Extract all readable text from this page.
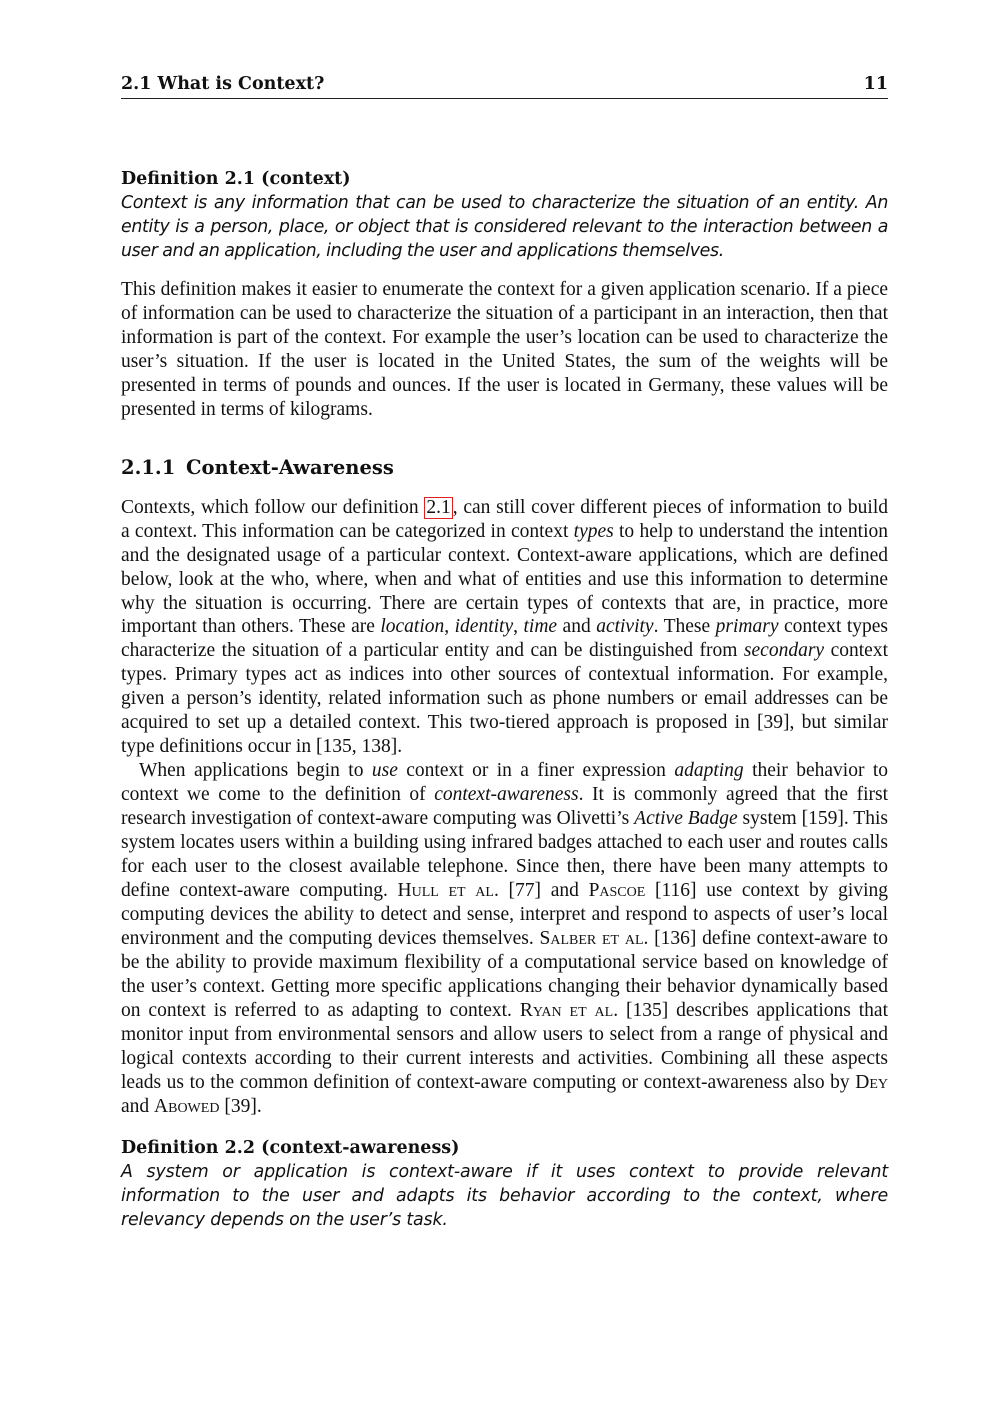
2.1 What is Context?	11
Definition 2.1 (context)
Context is any information that can be used to characterize the situation of an entity. An entity is a person, place, or object that is considered relevant to the interaction between a user and an application, including the user and applications themselves.

This definition makes it easier to enumerate the context for a given application scenario. If a piece of information can be used to characterize the situation of a participant in an interaction, then that information is part of the context. For example the user’s location can be used to characterize the user’s situation. If the user is located in the United States, the sum of the weights will be presented in terms of pounds and ounces. If the user is located in Germany, these values will be presented in terms of kilograms.

2.1.1 Context-Awareness

Contexts, which follow our definition 2.1 , can still cover different pieces of information to build a context. This information can be categorized in context types to help to understand the intention and the designated usage of a particular context. Context-aware applications, which are defined below, look at the who, where, when and what of entities and use this information to determine why the situation is occurring. There are certain types of contexts that are, in practice, more important than others. These are location, identity, time and activity. These primary context types characterize the situation of a particular entity and can be distinguished from secondary context types. Primary types act as indices into other sources of contextual information. For example, given a person’s identity, related information such as phone numbers or email addresses can be acquired to set up a detailed context. This two-tiered approach is proposed in [39], but similar type definitions occur in [135, 138].

When applications begin to use context or in a finer expression adapting their behavior to context we come to the definition of context-awareness. It is commonly agreed that the first research investigation of context-aware computing was Olivetti’s Active Badge system [159]. This system locates users within a building using infrared badges attached to each user and routes calls for each user to the closest available telephone. Since then, there have been many attempts to define context-aware computing. Hull et al. [77] and Pascoe [116] use context by giving computing devices the ability to detect and sense, interpret and respond to aspects of user’s local environment and the computing devices themselves. Salber et al. [136] define context-aware to be the ability to provide maximum flexibility of a computational service based on knowledge of the user’s context. Getting more specific applications changing their behavior dynamically based on context is referred to as adapting to context. Ryan et al. [135] describes applications that monitor input from environmental sensors and allow users to select from a range of physical and logical contexts according to their current interests and activities. Combining all these aspects leads us to the common definition of context-aware computing or context-awareness also by Dey and Abowed [39].

Definition 2.2 (context-awareness)
A system or application is context-aware if it uses context to provide relevant information to the user and adapts its behavior according to the context, where relevancy depends on the user’s task.
